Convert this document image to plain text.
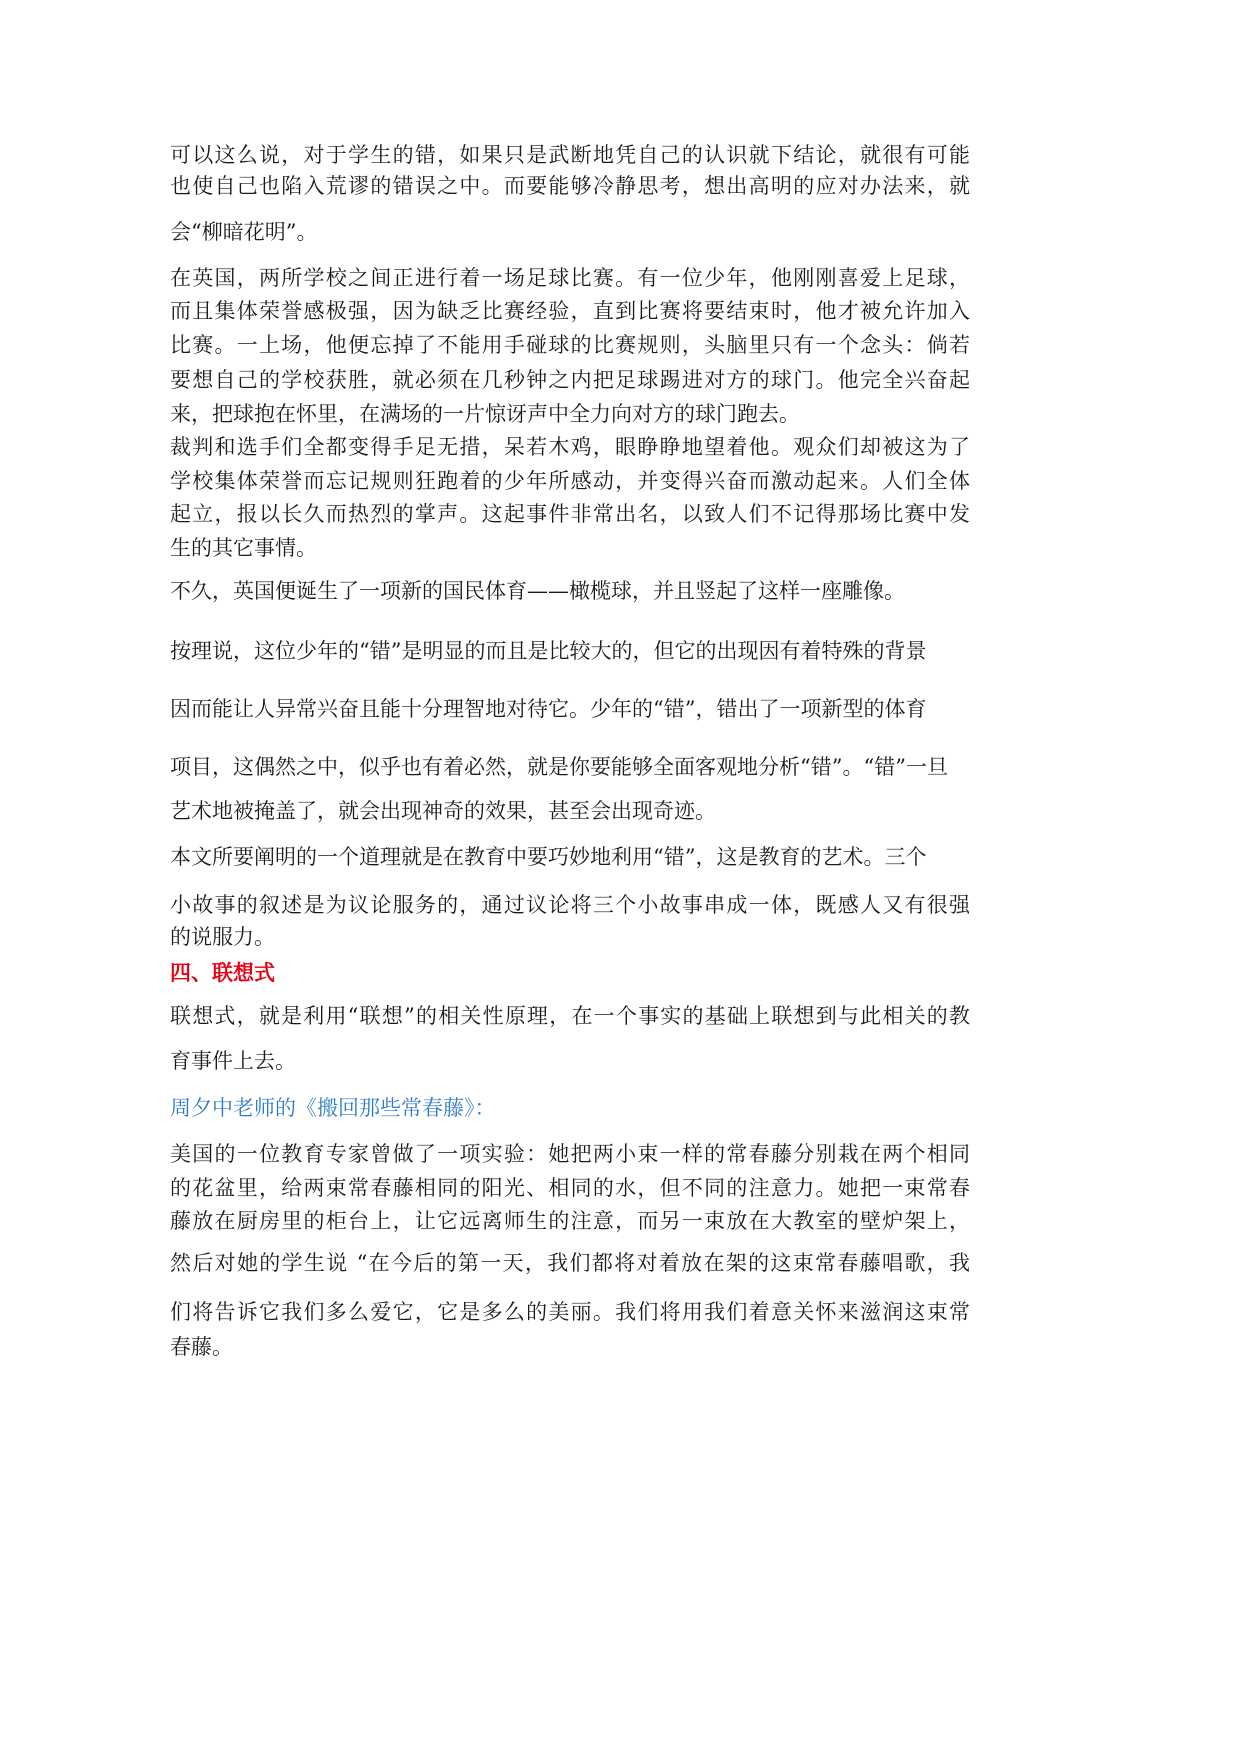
可以这么说，对于学生的错，如果只是武断地凭自己的认识就下结论，就很有可能
也使自己也陷入荒谬的错误之中。而要能够冷静思考，想出高明的应对办法来，就
会“柳暗花明”。
在英国，两所学校之间正进行着一场足球比赛。有一位少年，他刚刚喜爱上足球，
而且集体荣誉感极强，因为缺乏比赛经验，直到比赛将要结束时，他才被允许加入
比赛。一上场，他便忘掉了不能用手碰球的比赛规则，头脑里只有一个念头：倘若
要想自己的学校获胜，就必须在几秒钟之内把足球踢进对方的球门。他完全兴奋起
来，把球抱在怀里，在满场的一片惊讶声中全力向对方的球门跑去。
裁判和选手们全都变得手足无措，呆若木鸡，眼睁睁地望着他。观众们却被这为了
学校集体荣誉而忘记规则狂跑着的少年所感动，并变得兴奋而激动起来。人们全体
起立，报以长久而热烈的掌声。这起事件非常出名，以致人们不记得那场比赛中发
生的其它事情。
不久，英国便诞生了一项新的国民体育——橄榄球，并且竖起了这样一座雕像。
按理说，这位少年的“错”是明显的而且是比较大的，但它的出现因有着特殊的背景
因而能让人异常兴奋且能十分理智地对待它。少年的“错”，错出了一项新型的体育
项目，这偶然之中，似乎也有着必然，就是你要能够全面客观地分析“错”。“错”一旦
艺术地被掩盖了，就会出现神奇的效果，甚至会出现奇迹。
本文所要阐明的一个道理就是在教育中要巧妙地利用“错”，这是教育的艺术。三个
小故事的叙述是为议论服务的，通过议论将三个小故事串成一体，既感人又有很强
的说服力。
四、联想式
联想式，就是利用“联想”的相关性原理，在一个事实的基础上联想到与此相关的教
育事件上去。
周夕中老师的《搬回那些常春藤》：
美国的一位教育专家曾做了一项实验：她把两小束一样的常春藤分别栽在两个相同
的花盆里，给两束常春藤相同的阳光、相同的水，但不同的注意力。她把一束常春
藤放在厨房里的柜台上，让它远离师生的注意，而另一束放在大教室的壁炉架上，
然后对她的学生说 “在今后的第一天，我们都将对着放在架的这束常春藤唱歌，我
们将告诉它我们多么爱它，它是多么的美丽。我们将用我们着意关怀来滋润这束常
春藤。
